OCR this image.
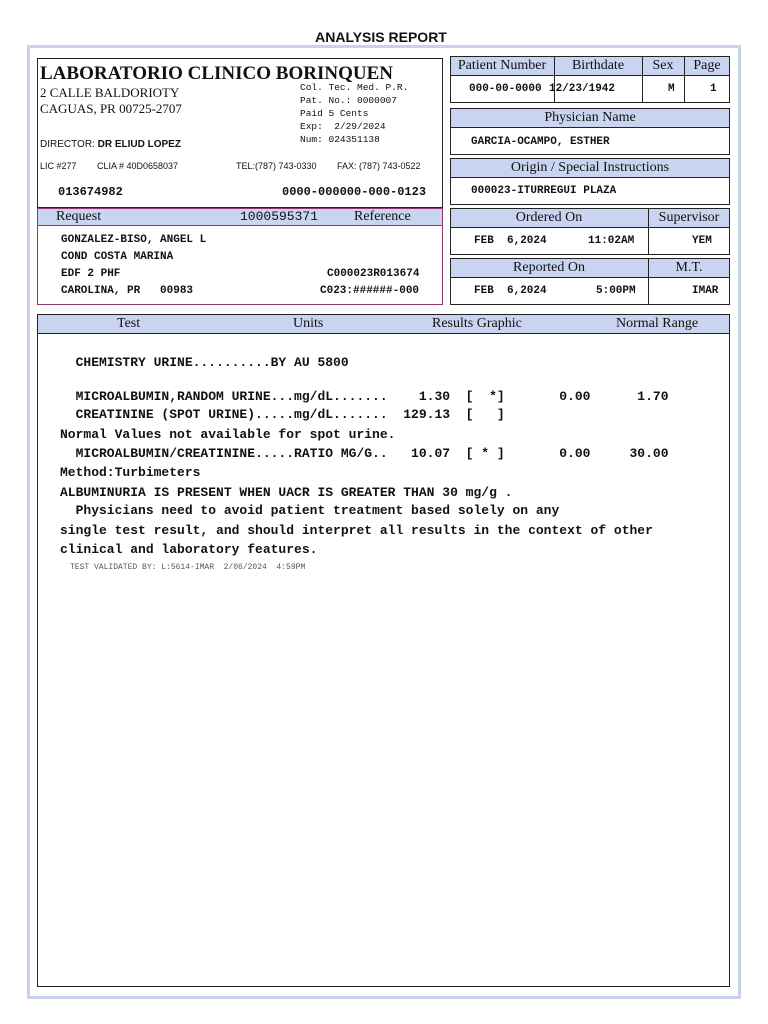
ANALYSIS REPORT
LABORATORIO CLINICO BORINQUEN
2 CALLE BALDORIOTY
CAGUAS, PR 00725-2707
Col. Tec. Med. P.R.
Pat. No.: 0000007
Paid 5 Cents
Exp:  2/29/2024
Num: 024351138
DIRECTOR: DR ELIUD LOPEZ
LIC #277 CLIA # 40D0658037	TEL:(787) 743-0330 FAX: (787) 743-0522
013674982	0000-000000-000-0123
Patient Number	Birthdate	Sex	Page
000-00-0000 12/23/1942	M	1
Physician Name
GARCIA-OCAMPO, ESTHER
Origin / Special Instructions
000023-ITURREGUI PLAZA
Request	1000595371	Reference
GONZALEZ-BISO, ANGEL L
COND COSTA MARINA
EDF 2 PHF
CAROLINA, PR   00983
C000023R013674
C023:######-000
Ordered On	Supervisor
FEB  6,2024	11:02AM	YEM
Reported On	M.T.
FEB  6,2024	5:00PM	IMAR
Test	Units	Results Graphic	Normal Range
CHEMISTRY URINE..........BY AU 5800
MICROALBUMIN,RANDOM URINE...mg/dL.......    1.30  [  *]       0.00      1.70
CREATININE (SPOT URINE).....mg/dL.......  129.13  [   ]
Normal Values not available for spot urine.
MICROALBUMIN/CREATININE.....RATIO MG/G..   10.07  [ * ]       0.00     30.00
Method:Turbimeters
ALBUMINURIA IS PRESENT WHEN UACR IS GREATER THAN 30 mg/g .
Physicians need to avoid patient treatment based solely on any
single test result, and should interpret all results in the context of other
clinical and laboratory features.
TEST VALIDATED BY: L:5614-IMAR  2/06/2024  4:59PM
